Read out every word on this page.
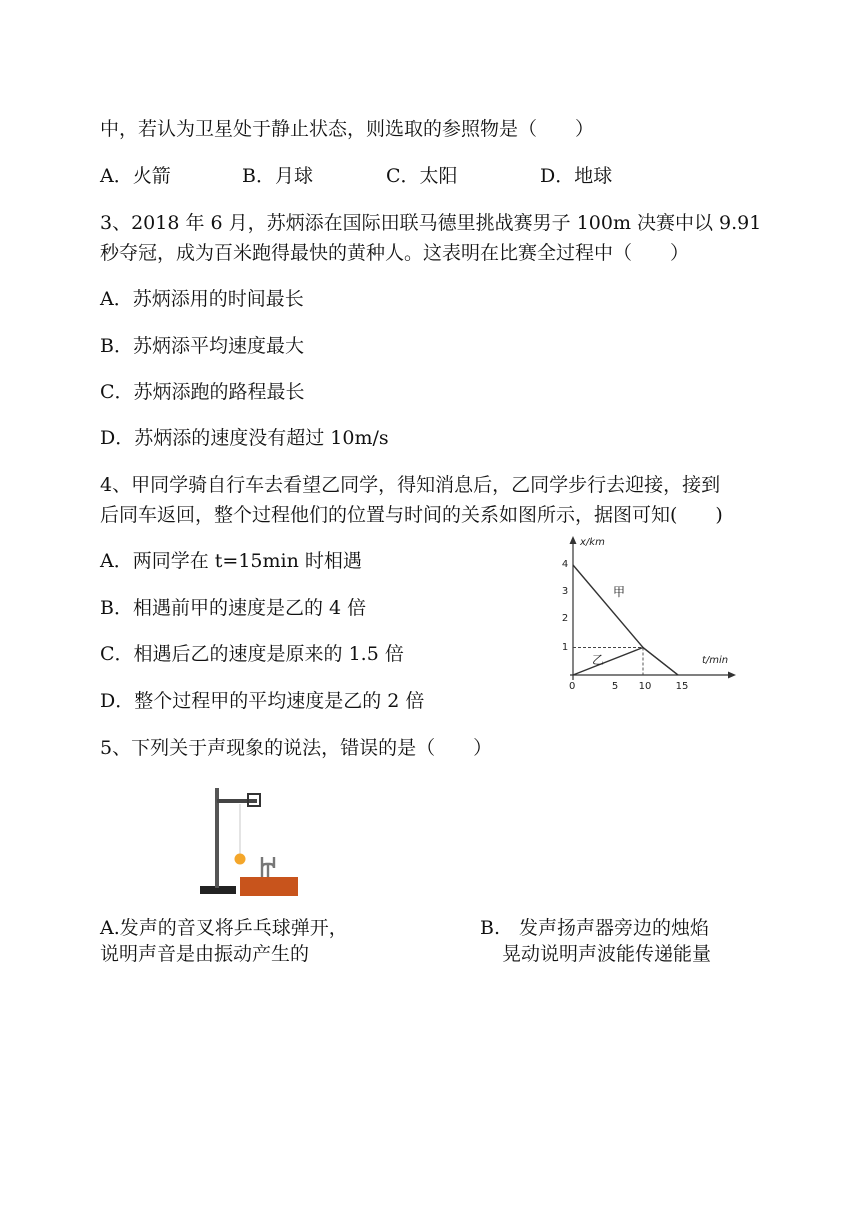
中，若认为卫星处于静止状态，则选取的参照物是（　　）
A．火箭	B．月球	C．太阳	D．地球
3、2018 年 6 月，苏炳添在国际田联马德里挑战赛男子 100m 决赛中以 9.91
秒夺冠，成为百米跑得最快的黄种人。这表明在比赛全过程中（　　）
A．苏炳添用的时间最长
B．苏炳添平均速度最大
C．苏炳添跑的路程最长
D．苏炳添的速度没有超过 10m/s
4、甲同学骑自行车去看望乙同学，得知消息后，乙同学步行去迎接，接到
后同车返回，整个过程他们的位置与时间的关系如图所示，据图可知(　　)
A．两同学在 t=15min 时相遇
B．相遇前甲的速度是乙的 4 倍
C．相遇后乙的速度是原来的 1.5 倍
D．整个过程甲的平均速度是乙的 2 倍
x/km
t/min
0	5 10 15
1
2
3
4
甲
乙
5、下列关于声现象的说法，错误的是（　　）
A.发声的音叉将乒乓球弹开，
说明声音是由振动产生的
B.　发声扬声器旁边的烛焰
晃动说明声波能传递能量
